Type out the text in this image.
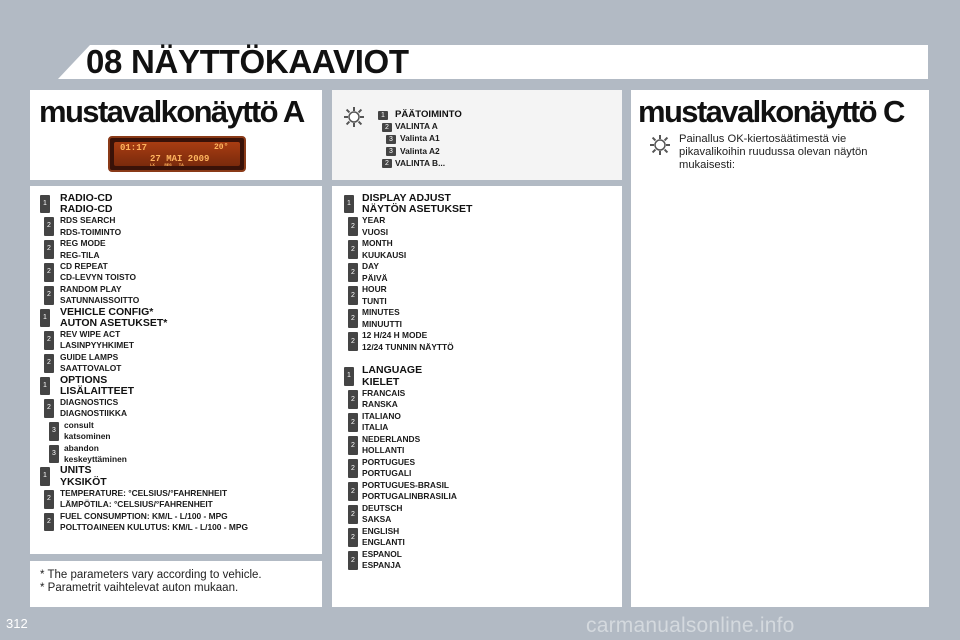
08 NÄYTTÖKAAVIOT
mustavalkonäyttö A
01:17	20°
27 MAI 2009
LX    REG   TA
1 RADIO-CD
RADIO-CD
2
RDS SEARCH
RDS-TOIMINTO
2
REG MODE
REG-TILA
2
CD REPEAT
CD-LEVYN TOISTO
2
RANDOM PLAY
SATUNNAISSOITTO
1 VEHICLE CONFIG*
AUTON ASETUKSET*
2
REV WIPE ACT
LASINPYYHKIMET
2
GUIDE LAMPS
SAATTOVALOT
1 OPTIONS
LISÄLAITTEET
2
DIAGNOSTICS
DIAGNOSTIIKKA
3
consult
katsominen
3
abandon
keskeyttäminen
1 UNITS
YKSIKÖT
2
TEMPERATURE: °CELSIUS/°FAHRENHEIT
LÄMPÖTILA: °CELSIUS/°FAHRENHEIT
2
FUEL CONSUMPTION: KM/L - L/100 - MPG
POLTTOAINEEN KULUTUS: KM/L - L/100 - MPG
* The parameters vary according to vehicle.
* Parametrit vaihtelevat auton mukaan.
1	PÄÄTOIMINTO
2 VALINTA A
3 Valinta A1
3 Valinta A2
2 VALINTA B...
1 DISPLAY ADJUST
NÄYTÖN ASETUKSET
2
YEAR
VUOSI
2
MONTH
KUUKAUSI
2
DAY
PÄIVÄ
2
HOUR
TUNTI
2
MINUTES
MINUUTTI
2
12 H/24 H MODE
12/24 TUNNIN NÄYTTÖ
1 LANGUAGE
KIELET
2
FRANCAIS
RANSKA
2
ITALIANO
ITALIA
2
NEDERLANDS
HOLLANTI
2
PORTUGUES
PORTUGALI
2
PORTUGUES-BRASIL
PORTUGALINBRASILIA
2
DEUTSCH
SAKSA
2
ENGLISH
ENGLANTI
2
ESPANOL
ESPANJA
mustavalkonäyttö C
Painallus OK-kiertosäätimestä vie
pikavalikoihin ruudussa olevan näytön
mukaisesti:
312	carmanualsonline.info
